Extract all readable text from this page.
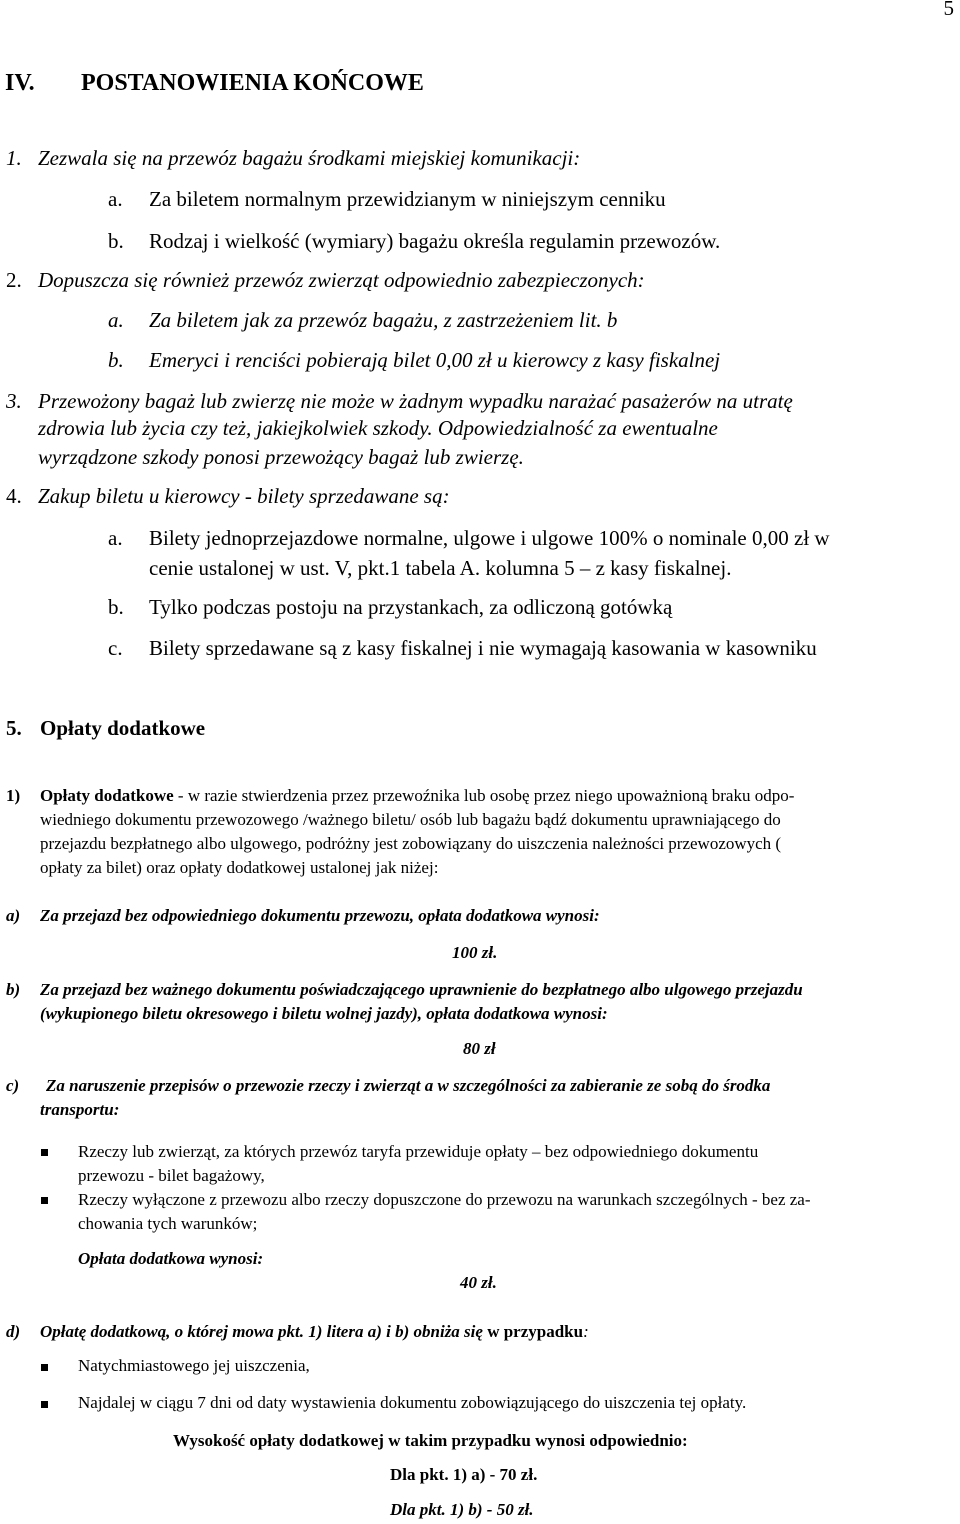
5
IV. POSTANOWIENIA KOŃCOWE
1. Zezwala się na przewóz bagażu środkami miejskiej komunikacji:
a. Za biletem normalnym przewidzianym w niniejszym cenniku
b. Rodzaj i wielkość (wymiary) bagażu określa regulamin przewozów.
2. Dopuszcza się również przewóz zwierząt odpowiednio zabezpieczonych:
a. Za biletem jak za przewóz bagażu, z zastrzeżeniem lit. b
b. Emeryci i renciści pobierają bilet 0,00 zł u kierowcy z kasy fiskalnej
3. Przewożony bagaż lub zwierzę nie może w żadnym wypadku narażać pasażerów na utratę
zdrowia lub życia czy też, jakiejkolwiek szkody. Odpowiedzialność za ewentualne
wyrządzone szkody ponosi przewożący bagaż lub zwierzę.
4. Zakup biletu u kierowcy - bilety sprzedawane są:
a. Bilety jednoprzejazdowe normalne, ulgowe i ulgowe 100% o nominale 0,00 zł w
cenie ustalonej w ust. V, pkt.1 tabela A. kolumna 5 – z kasy fiskalnej.
b. Tylko podczas postoju na przystankach, za odliczoną gotówką
c. Bilety sprzedawane są z kasy fiskalnej i nie wymagają kasowania w kasowniku
5. Opłaty dodatkowe
1) Opłaty dodatkowe - w razie stwierdzenia przez przewoźnika lub osobę przez niego upoważnioną braku odpo-
wiedniego dokumentu przewozowego /ważnego biletu/ osób lub bagażu bądź dokumentu uprawniającego do
przejazdu bezpłatnego albo ulgowego, podróżny jest zobowiązany do uiszczenia należności przewozowych (
opłaty za bilet) oraz opłaty dodatkowej ustalonej jak niżej:
a) Za przejazd bez odpowiedniego dokumentu przewozu, opłata dodatkowa wynosi:
100 zł.
b) Za przejazd bez ważnego dokumentu poświadczającego uprawnienie do bezpłatnego albo ulgowego przejazdu
(wykupionego biletu okresowego i biletu wolnej jazdy), opłata dodatkowa wynosi:
80 zł
c) Za naruszenie przepisów o przewozie rzeczy i zwierząt a w szczególności za zabieranie ze sobą do środka
transportu:
Rzeczy lub zwierząt, za których przewóz taryfa przewiduje opłaty – bez odpowiedniego dokumentu
przewozu - bilet bagażowy,
Rzeczy wyłączone z przewozu albo rzeczy dopuszczone do przewozu na warunkach szczególnych - bez za-
chowania tych warunków;
Opłata dodatkowa wynosi:
40 zł.
d) Opłatę dodatkową, o której mowa pkt. 1) litera a) i b) obniża się w przypadku:
Natychmiastowego jej uiszczenia,
Najdalej w ciągu 7 dni od daty wystawienia dokumentu zobowiązującego do uiszczenia tej opłaty.
Wysokość opłaty dodatkowej w takim przypadku wynosi odpowiednio:
Dla pkt. 1) a) - 70 zł.
Dla pkt. 1) b) - 50 zł.
